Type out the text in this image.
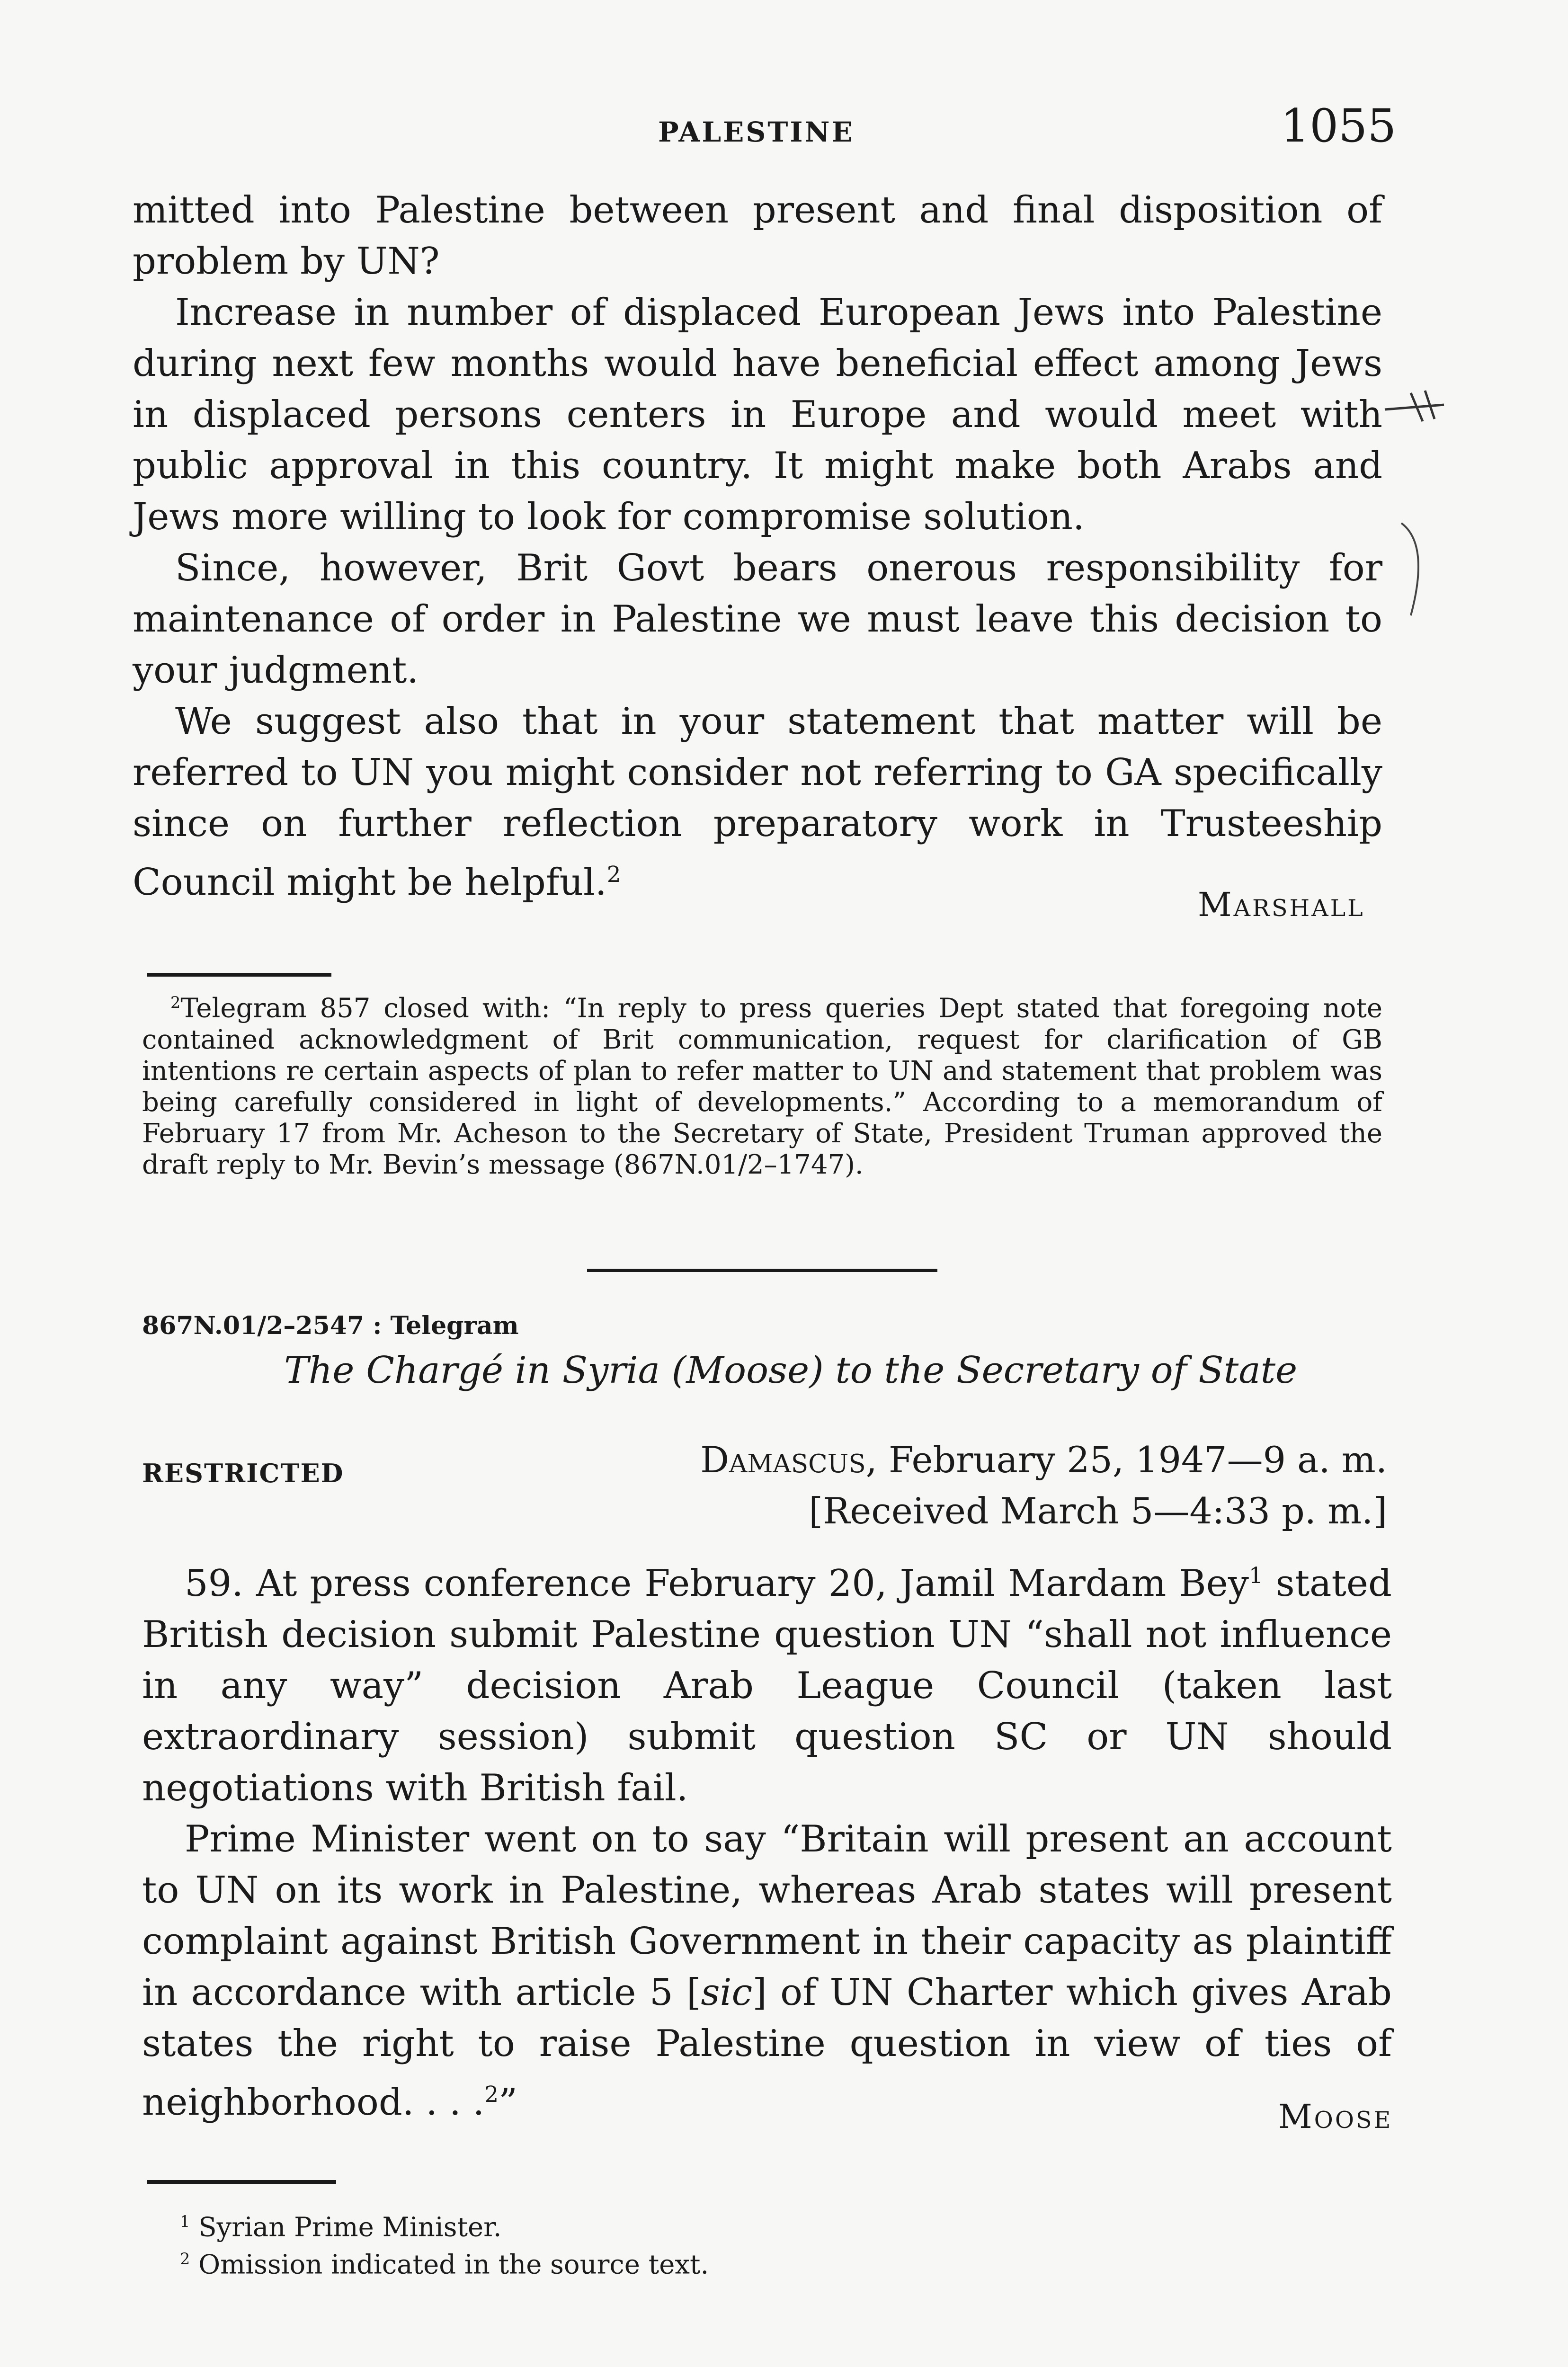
PALESTINE	1055

mitted into Palestine between present and final disposition of problem by UN?

Increase in number of displaced European Jews into Palestine during next few months would have beneficial effect among Jews in displaced persons centers in Europe and would meet with public approval in this country. It might make both Arabs and Jews more willing to look for compromise solution.

Since, however, Brit Govt bears onerous responsibility for maintenance of order in Palestine we must leave this decision to your judgment.

We suggest also that in your statement that matter will be referred to UN you might consider not referring to GA specifically since on further reflection preparatory work in Trusteeship Council might be helpful.$^2$

Marshall

$^2$Telegram 857 closed with: “In reply to press queries Dept stated that foregoing note contained acknowledgment of Brit communication, request for clarification of GB intentions re certain aspects of plan to refer matter to UN and statement that problem was being carefully considered in light of developments.” According to a memorandum of February 17 from Mr. Acheson to the Secretary of State, President Truman approved the draft reply to Mr. Bevin’s message (867N.01/2–1747).

867N.01/2–2547 : Telegram
The Chargé in Syria (Moose) to the Secretary of State
RESTRICTED	Damascus, February 25, 1947—9 a. m.
[Received March 5—4:33 p. m.]

59. At press conference February 20, Jamil Mardam Bey$^1$ stated British decision submit Palestine question UN “shall not influence in any way” decision Arab League Council (taken last extraordinary session) submit question SC or UN should negotiations with British fail.

Prime Minister went on to say “Britain will present an account to UN on its work in Palestine, whereas Arab states will present complaint against British Government in their capacity as plaintiff in accordance with article 5 [sic] of UN Charter which gives Arab states the right to raise Palestine question in view of ties of neighborhood. . . .$^2$”	Moose

$^1$ Syrian Prime Minister.

$^2$ Omission indicated in the source text.
